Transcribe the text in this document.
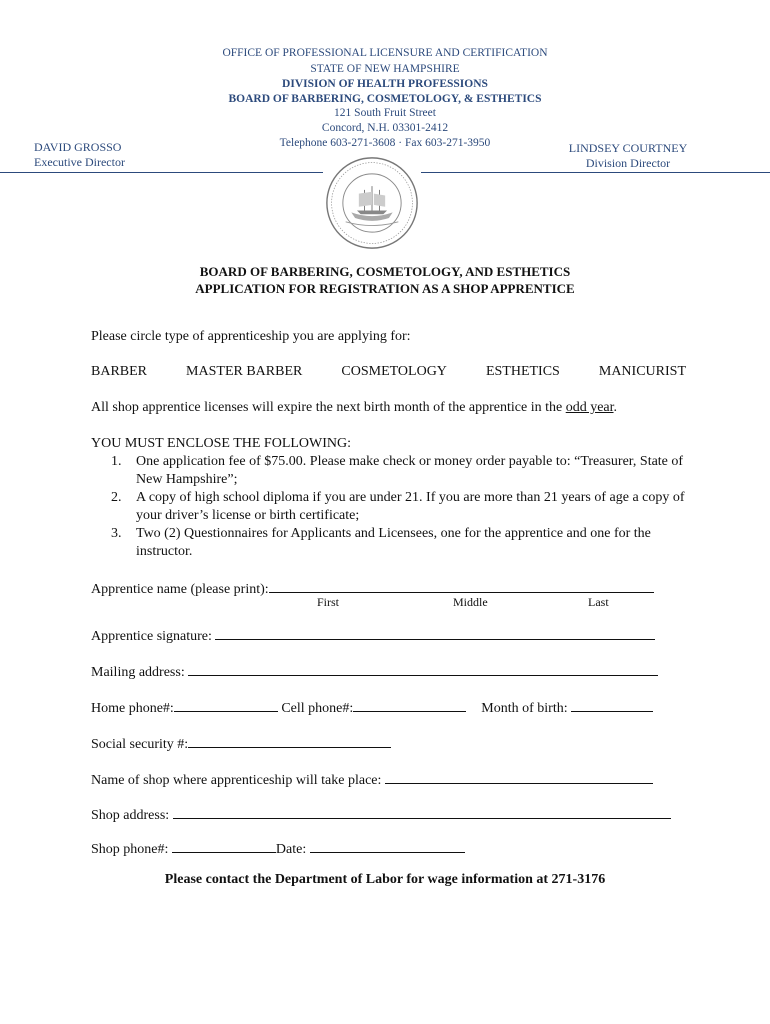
OFFICE OF PROFESSIONAL LICENSURE AND CERTIFICATION
STATE OF NEW HAMPSHIRE
DIVISION OF HEALTH PROFESSIONS
BOARD OF BARBERING, COSMETOLOGY, & ESTHETICS
121 South Fruit Street
Concord, N.H. 03301-2412
Telephone 603-271-3608 · Fax 603-271-3950
DAVID GROSSO
Executive Director
LINDSEY COURTNEY
Division Director
BOARD OF BARBERING, COSMETOLOGY, AND ESTHETICS
APPLICATION FOR REGISTRATION AS A SHOP APPRENTICE
Please circle type of apprenticeship you are applying for:
BARBER	MASTER BARBER	COSMETOLOGY	ESTHETICS	MANICURIST
All shop apprentice licenses will expire the next birth month of the apprentice in the odd year.
YOU MUST ENCLOSE THE FOLLOWING:
1.	One application fee of $75.00. Please make check or money order payable to: “Treasurer, State of New Hampshire”;
2.	A copy of high school diploma if you are under 21. If you are more than 21 years of age a copy of your driver’s license or birth certificate;
3.	Two (2) Questionnaires for Applicants and Licensees, one for the apprentice and one for the instructor.
Apprentice name (please print):
First	Middle	Last
Apprentice signature:
Mailing address:
Home phone#:	Cell phone#:	Month of birth:
Social security #:
Name of shop where apprenticeship will take place:
Shop address:
Shop phone#:	Date:
Please contact the Department of Labor for wage information at 271-3176
